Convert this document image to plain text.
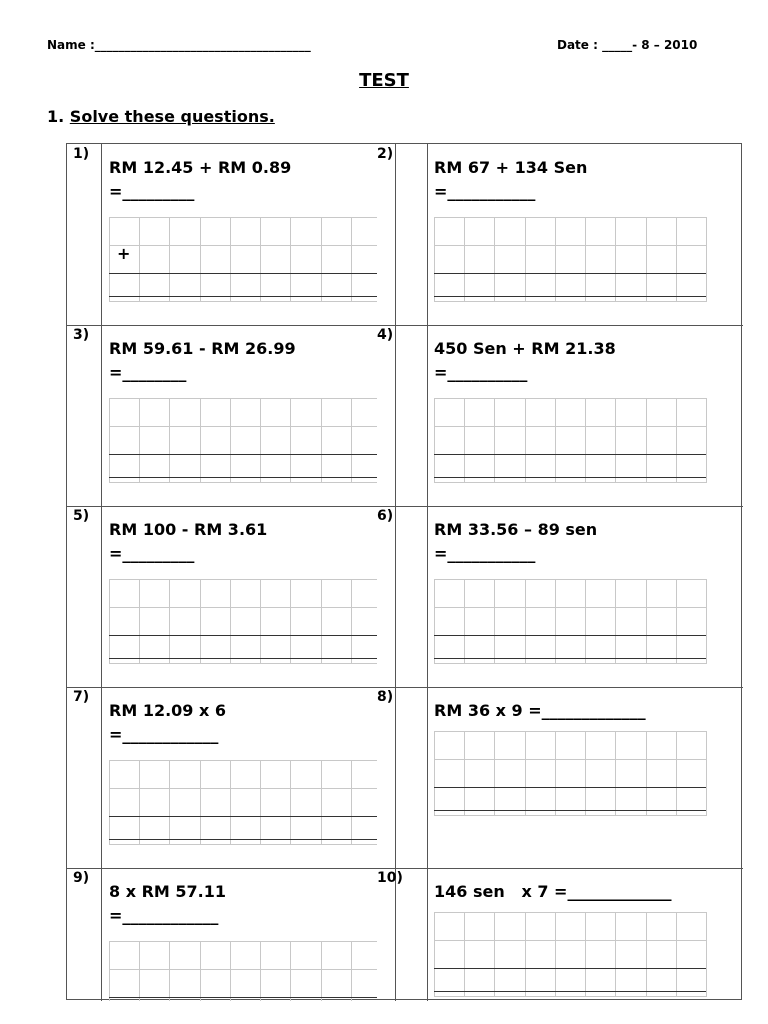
Name :____________________________________	Date : _____- 8 – 2010
TEST
1. Solve these questions.
1)
RM 12.45 + RM 0.89
=_________
+
2)
RM 67 + 134 Sen
=___________
3)
RM 59.61 - RM 26.99
=________
4)
450 Sen + RM 21.38
=__________
5)
RM 100 - RM 3.61
=_________
6)
RM 33.56 – 89 sen
=___________
7)
RM 12.09 x 6
=____________
8)
RM 36 x 9 =_____________
9)
8 x RM 57.11
=____________
10)
146 sen   x 7 =_____________
